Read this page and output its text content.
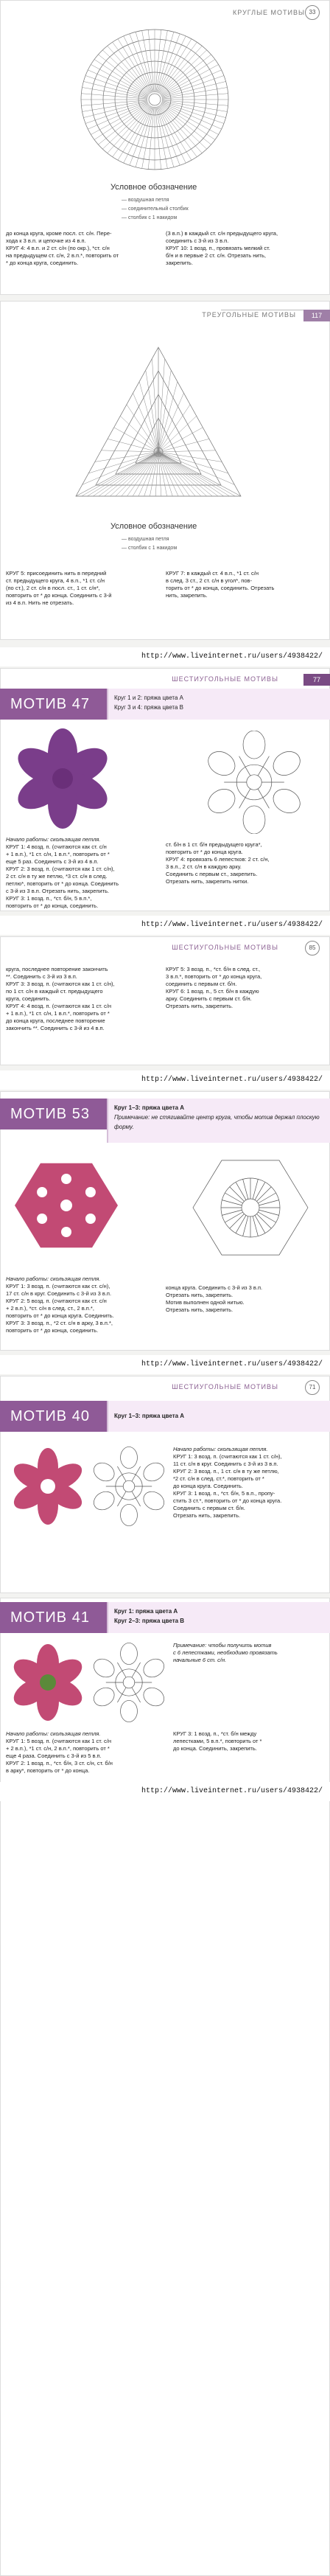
КРУГЛЫЕ МОТИВЫ 33
Условное обозначение
— воздушная петля
— соединительный столбик
— столбик с 1 накидом
до конца круга, кроме посл. ст. с/н. Пере-
хода к 3 в.п. и цепочке из 4 в.п.
КРУГ 4: 4 в.п. и 2 ст. с/н (по окр.), *ст. с/н
на предыдущем ст. с/н, 2 в.п.*, повторить от
* до конца круга, соединить.
(3 в.п.) в каждый ст. с/н предыдущего круга,
соединить с 3-й из 3 в.п.
КРУГ 10: 1 возд. п., провязать мелкий ст.
б/н и в первые 2 ст. с/н. Отрезать нить,
закрепить.
ТРЕУГОЛЬНЫЕ МОТИВЫ	117
Условное обозначение
— воздушная петля
— столбик с 1 накидом
КРУГ 5: присоединить нить в передний
ст. предыдущего круга, 4 в.п., *1 ст. с/н
(по ст.), 2 ст. с/н в посл. ст., 1 ст. с/н*,
повторить от * до конца. Соединить с 3-й
из 4 в.п. Нить не отрезать.
КРУГ 7: в каждый ст. 4 в.п., *1 ст. с/н
в след. 3 ст., 2 ст. с/н в угол*, пов-
торить от * до конца, соединить. Отрезать
нить, закрепить.
http://www.liveinternet.ru/users/4938422/
ШЕСТИУГОЛЬНЫЕ МОТИВЫ	77
МОТИВ 47	Круг 1 и 2: пряжа цвета А
Круг 3 и 4: пряжа цвета В
Начало работы: скользящая петля.
КРУГ 1: 4 возд. п. (считаются как ст. с/н
+ 1 в.п.), *1 ст. с/н, 1 в.п.*, повторить от *
еще 5 раз. Соединить с 3-й из 4 в.п.
КРУГ 2: 3 возд. п. (считаются как 1 ст. с/н),
2 ст. с/н в ту же петлю, *3 ст. с/н в след.
петлю*, повторить от * до конца. Соединить
с 3-й из 3 в.п. Отрезать нить, закрепить.
КРУГ 3: 1 возд. п., *ст. б/н, 5 в.п.*,
повторить от * до конца, соединить.
ст. б/н в 1 ст. б/н предыдущего круга*,
повторить от * до конца круга.
КРУГ 4: провязать 6 лепестков: 2 ст. с/н,
3 в.п., 2 ст. с/н в каждую арку.
Соединить с первым ст., закрепить.
Отрезать нить, закрепить нитки.
http://www.liveinternet.ru/users/4938422/
ШЕСТИУГОЛЬНЫЕ МОТИВЫ	85
круга, последнее повторение закончить
**. Соединить с 3-й из 3 в.п.
КРУГ 3: 3 возд. п. (считаются как 1 ст. с/н),
по 1 ст. с/н в каждый ст. предыдущего
круга, соединить.
КРУГ 4: 4 возд. п. (считаются как 1 ст. с/н
+ 1 в.п.), *1 ст. с/н, 1 в.п.*, повторить от *
до конца круга, последнее повторение
закончить **. Соединить с 3-й из 4 в.п.
КРУГ 5: 3 возд. п., *ст. б/н в след. ст.,
3 в.п.*, повторить от * до конца круга,
соединить с первым ст. б/н.
КРУГ 6: 1 возд. п., 5 ст. б/н в каждую
арку. Соединить с первым ст. б/н.
Отрезать нить, закрепить.
http://www.liveinternet.ru/users/4938422/
МОТИВ 53	Круг 1–3: пряжа цвета А
Примечание: не стягивайте центр круга, чтобы мотив держал плоскую форму.
Начало работы: скользящая петля.
КРУГ 1: 3 возд. п. (считаются как ст. с/н),
17 ст. с/н в круг. Соединить с 3-й из 3 в.п.
КРУГ 2: 5 возд. п. (считаются как ст. с/н
+ 2 в.п.), *ст. с/н в след. ст., 2 в.п.*,
повторить от * до конца круга. Соединить.
КРУГ 3: 3 возд. п., *2 ст. с/н в арку, 3 в.п.*,
повторить от * до конца, соединить.
конца круга. Соединить с 3-й из 3 в.п.
Отрезать нить, закрепить.
Мотив выполнен одной нитью.
Отрезать нить, закрепить.
http://www.liveinternet.ru/users/4938422/
ШЕСТИУГОЛЬНЫЕ МОТИВЫ	71
МОТИВ 40	Круг 1–3: пряжа цвета А
Начало работы: скользящая петля.
КРУГ 1: 3 возд. п. (считаются как 1 ст. с/н),
11 ст. с/н в круг. Соединить с 3-й из 3 в.п.
КРУГ 2: 3 возд. п., 1 ст. с/н в ту же петлю,
*2 ст. с/н в след. ст.*, повторить от *
до конца круга. Соединить.
КРУГ 3: 1 возд. п., *ст. б/н, 5 в.п., пропу-
стить 3 ст.*, повторить от * до конца круга.
Соединить с первым ст. б/н.
Отрезать нить, закрепить.
МОТИВ 41	Круг 1: пряжа цвета А
Круг 2–3: пряжа цвета В
Примечание: чтобы получить мотив
с 6 лепестками, необходимо провязать
начальные 6 ст. с/н.
Начало работы: скользящая петля.
КРУГ 1: 5 возд. п. (считаются как 1 ст. с/н
+ 2 в.п.), *1 ст. с/н, 2 в.п.*, повторить от *
еще 4 раза. Соединить с 3-й из 5 в.п.
КРУГ 2: 1 возд. п., *ст. б/н, 3 ст. с/н, ст. б/н
в арку*, повторить от * до конца.
КРУГ 3: 1 возд. п., *ст. б/н между
лепестками, 5 в.п.*, повторить от *
до конца. Соединить, закрепить.
http://www.liveinternet.ru/users/4938422/
